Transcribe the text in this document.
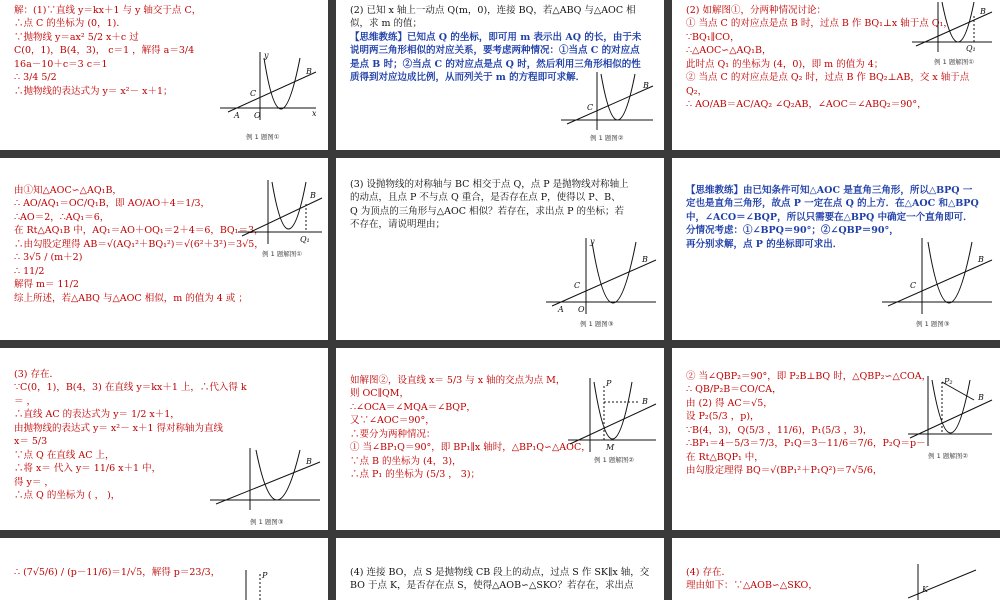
解：(1)∵直线 y＝kx＋1 与 y 轴交于点 C，
∴点 C 的坐标为 (0，1)．
∵抛物线 y＝ax² 5/2 x＋c 过
C(0，1)，B(4，3)， c＝1 ，解得 a＝3/4
16a－10＋c＝3 c＝1
∴ 3/4 5/2
∴抛物线的表达式为 y＝ x²－ x＋1；	C
B
A O	x
y
例 1 题图①
(2) 已知 x 轴上一动点 Q(m，0)，连接 BQ，若△ABQ 与△AOC 相
似，求 m 的值；
【思维教练】已知点 Q 的坐标，即可用 m 表示出 AQ 的长，由于未
说明两三角形相似的对应关系，要考虑两种情况：①当点 C 的对应点
是点 B 时；②当点 C 的对应点是点 Q 时，然后利用三角形相似的性
质得到对应边成比例，从而列关于 m 的方程即可求解．
C
B
例 1 题图②
(2) 如解图①，分两种情况讨论：
① 当点 C 的对应点是点 B 时，过点 B 作 BQ₁⊥x 轴于点 Q₁，
∵BQ₁∥CO，
∴△AOC∽△AQ₁B，
此时点 Q₁ 的坐标为 (4，0)，即 m 的值为 4；
② 当点 C 的对应点是点 Q₂ 时，过点 B 作 BQ₂⊥AB，交 x 轴于点
Q₂，
∴ AO/AB＝AC/AQ₂ ∠Q₂AB，∠AOC＝∠ABQ₂＝90°，
B
Q₁
例 1 题解图①
由①知△AOC∽△AQ₁B，
∴ AO/AQ₁＝OC/Q₁B，即 AO/AO＋4＝1/3，
∴AO＝2，∴AQ₁＝6，
在 Rt△AQ₁B 中，AQ₁＝AO＋OQ₁＝2＋4＝6，BQ₁＝3，
∴由勾股定理得 AB＝√(AQ₁²＋BQ₁²)＝√(6²＋3²)＝3√5，
∴ 3√5 / (m＋2)
∴ 11/2
解得 m＝ 11/2
综上所述，若△ABQ 与△AOC 相似，m 的值为 4 或 ；
B
Q₁
例 1 题解图①
(3) 设抛物线的对称轴与 BC 相交于点 Q，点 P 是抛物线对称轴上
的动点，且点 P 不与点 Q 重合，是否存在点 P，使得以 P、B、
Q 为顶点的三角形与△AOC 相似？若存在，求出点 P 的坐标；若
不存在，请说明理由；
C
B
A O
y
例 1 题图③
【思维教练】由已知条件可知△AOC 是直角三角形，所以△BPQ 一
定也是直角三角形，故点 P 一定在点 Q 的上方．在△AOC 和△BPQ
中，∠ACO＝∠BQP，所以只需要在△BPQ 中确定一个直角即可．
分情况考虑：①∠BPQ＝90°；②∠QBP＝90°，
再分别求解，点 P 的坐标即可求出．
C
B
例 1 题图③
(3) 存在．
∵C(0，1)，B(4，3) 在直线 y＝kx＋1 上，∴代入得 k
＝ ，
∴直线 AC 的表达式为 y＝ 1/2 x＋1，
由抛物线的表达式 y＝ x²－ x＋1 得对称轴为直线
x＝ 5/3
∵点 Q 在直线 AC 上，
∴将 x＝ 代入 y＝ 11/6 x＋1 中，
得 y＝ ，
∴点 Q 的坐标为 ( ， )，
B
例 1 题图③
如解图②，设直线 x＝ 5/3 与 x 轴的交点为点 M，
则 OC∥QM，
∴∠OCA＝∠MQA＝∠BQP，
又∵∠AOC＝90°，
∴要分为两种情况：
① 当∠BP₁Q＝90°，即 BP₁∥x 轴时，△BP₁Q∽△AOC，
∵点 B 的坐标为 (4，3)，
∴点 P₁ 的坐标为 (5/3 ， 3)；
P
B
M
例 1 题解图②
② 当∠QBP₂＝90°，即 P₂B⊥BQ 时，△QBP₂∽△COA，
∴ QB/P₂B＝CO/CA，
由 (2) 得 AC＝√5，
设 P₂(5/3 ，p)，
∵B(4，3)，Q(5/3 ，11/6)，P₁(5/3 ，3)，
∴BP₁＝4－5/3＝7/3，P₁Q＝3－11/6＝7/6，P₂Q＝p－
在 Rt△BQP₁ 中，
由勾股定理得 BQ＝√(BP₁²＋P₁Q²)＝7√5/6，
P₂
B
例 1 题解图②
∴ (7√5/6) / (p－11/6)＝1/√5，解得 p＝23/3，	P	(4) 连接 BO，点 S 是抛物线 CB 段上的动点，过点 S 作 SK∥x 轴，交
BO 于点 K，是否存在点 S，使得△AOB∽△SKO？若存在，求出点
(4) 存在．
理由如下：∵△AOB∽△SKO，	K
